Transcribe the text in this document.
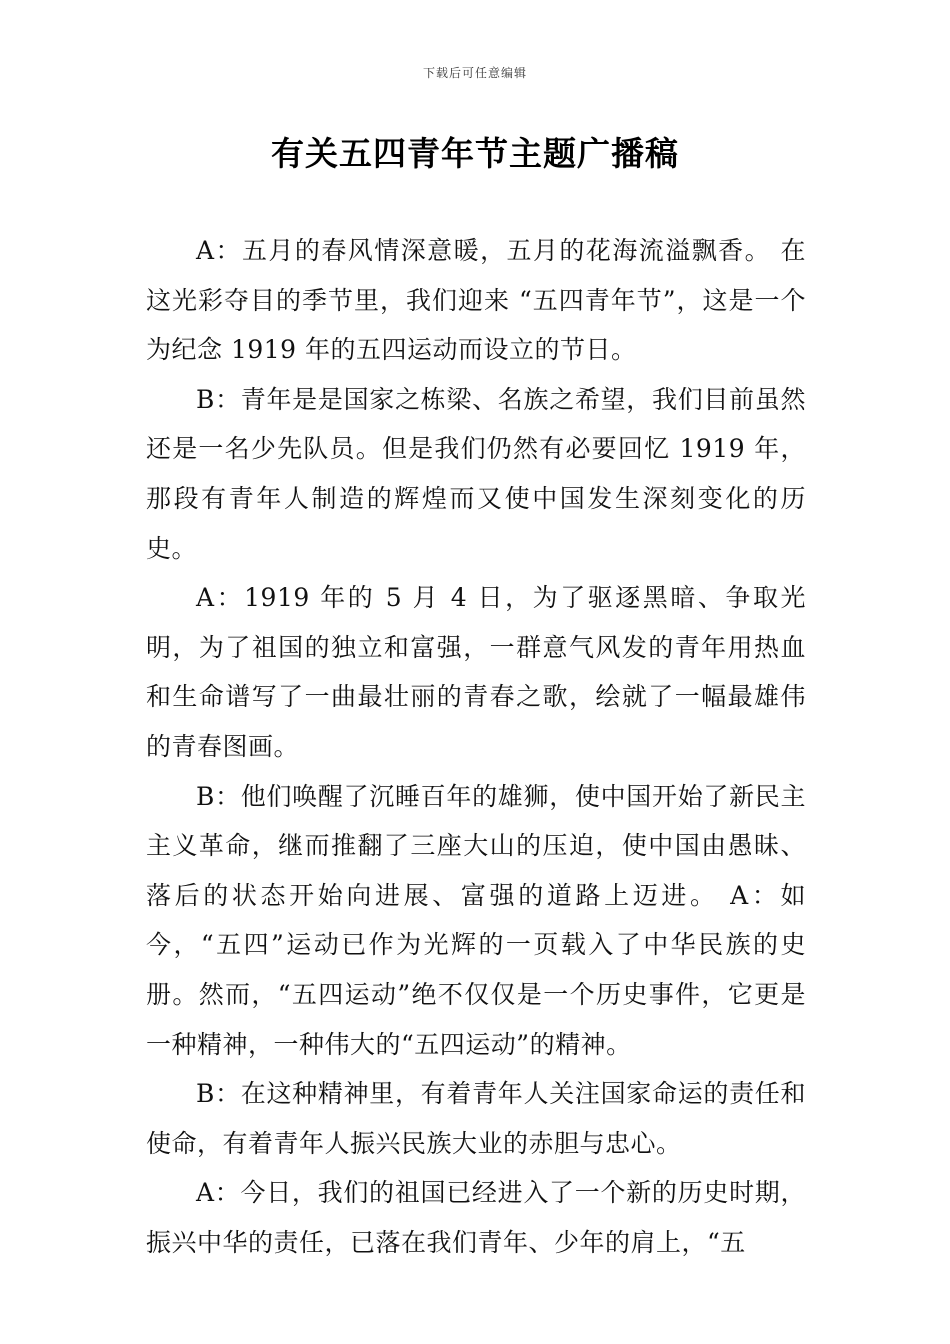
下载后可任意编辑
有关五四青年节主题广播稿

A：五月的春风情深意暖，五月的花海流溢飘香。 在这光彩夺目的季节里，我们迎来 “五四青年节”，这是一个为纪念 1919 年的五四运动而设立的节日。

B：青年是是国家之栋梁、名族之希望，我们目前虽然还是一名少先队员。但是我们仍然有必要回忆 1919 年，那段有青年人制造的辉煌而又使中国发生深刻变化的历史。

A：1919 年的 5 月 4 日，为了驱逐黑暗、争取光明，为了祖国的独立和富强，一群意气风发的青年用热血和生命谱写了一曲最壮丽的青春之歌，绘就了一幅最雄伟的青春图画。

B：他们唤醒了沉睡百年的雄狮，使中国开始了新民主主义革命，继而推翻了三座大山的压迫，使中国由愚昧、落后的状态开始向进展、富强的道路上迈进。 A：如今，“五四”运动已作为光辉的一页载入了中华民族的史册。然而，“五四运动”绝不仅仅是一个历史事件，它更是一种精神，一种伟大的“五四运动”的精神。

B：在这种精神里，有着青年人关注国家命运的责任和使命，有着青年人振兴民族大业的赤胆与忠心。

A：今日，我们的祖国已经进入了一个新的历史时期，振兴中华的责任，已落在我们青年、少年的肩上，“五
